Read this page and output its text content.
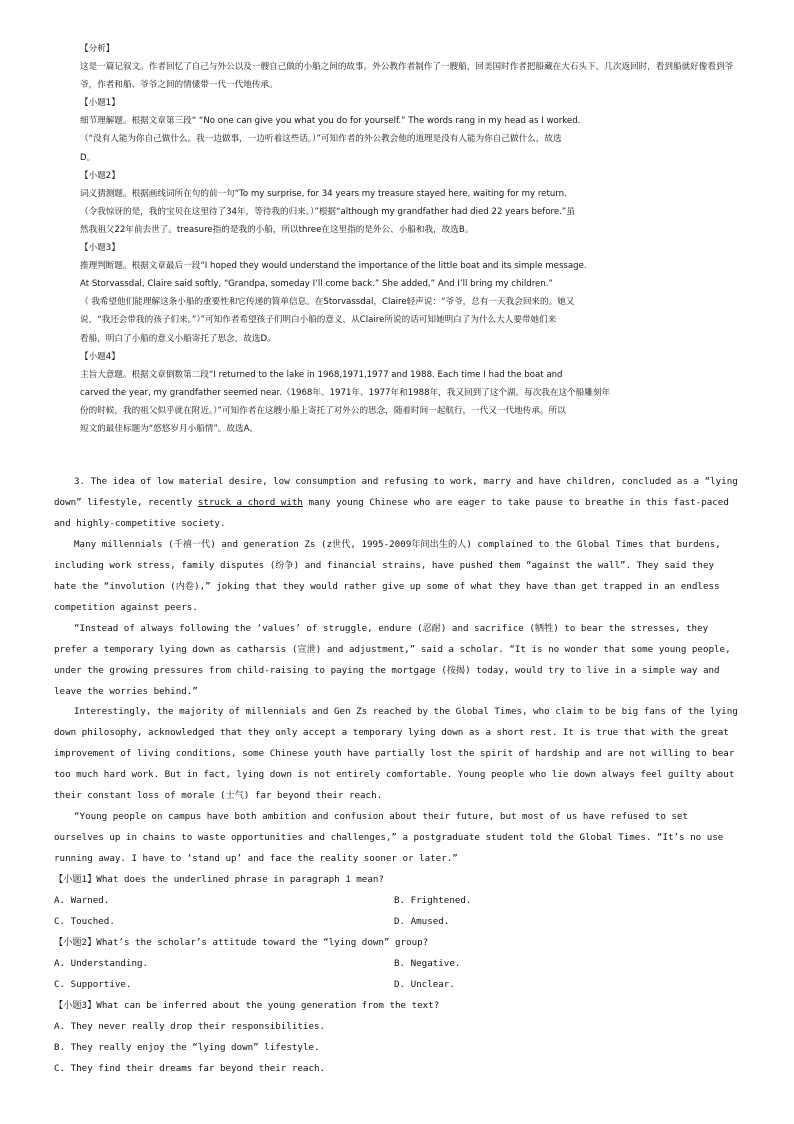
【分析】

这是一篇记叙文。作者回忆了自己与外公以及一艘自己做的小船之间的故事。外公教作者制作了一艘船，回美国时作者把船藏在大石头下，几次返回时，看到船就好像看到爷爷，作者和船、爷爷之间的情愫带一代一代地传承。

【小题1】

细节理解题。根据文章第三段“ “No one can give you what you do for yourself.” The words rang in my head as I worked.

（“没有人能为你自己做什么。我一边做事，一边听着这些话。）”可知作者的外公教会他的道理是没有人能为你自己做什么，故选

D。

【小题2】

词义猜测题。根据画线词所在句的前一句“To my surprise, for 34 years my treasure stayed here, waiting for my return.

（令我惊讶的是，我的宝贝在这里待了34年，等待我的归来。）”根据“although my grandfather had died 22 years before.”虽

然我祖父22年前去世了。treasure指的是我的小船，所以three在这里指的是外公、小船和我，故选B。

【小题3】

推理判断题。根据文章最后一段“I hoped they would understand the importance of the little boat and its simple message.

At Storvassdal, Claire said softly, “Grandpa, someday I’ll come back.” She added,” And I’ll bring my children.”

（ 我希望他们能理解这条小船的重要性和它传递的简单信息。在Storvassdal，Claire轻声说：“爷爷，总有一天我会回来的。她又

说，“我还会带我的孩子们来。”）”可知作者希望孩子们明白小船的意义，从Claire所说的话可知她明白了为什么大人要带她们来

看船，明白了小船的意义小船寄托了思念，故选D。

【小题4】

主旨大意题。根据文章倒数第二段“I returned to the lake in 1968,1971,1977 and 1988. Each time I had the boat and

carved the year, my grandfather seemed near.（1968年、1971年、1977年和1988年，我又回到了这个湖。每次我在这个船雕刻年

份的时候，我的祖父似乎就在附近。）”可知作者在这艘小船上寄托了对外公的思念，随着时间一起航行，一代又一代地传承。所以

短文的最佳标题为“悠悠岁月小船情”。故选A。

3. The idea of low material desire, low consumption and refusing to work, marry and have children, concluded as a “lying down” lifestyle, recently struck a chord with many young Chinese who are eager to take pause to breathe in this fast-paced and highly-competitive society.

Many millennials (千禧一代) and generation Zs (z世代, 1995-2009年间出生的人) complained to the Global Times that burdens, including work stress, family disputes (纷争) and financial strains, have pushed them “against the wall”. They said they hate the “involution (内卷),” joking that they would rather give up some of what they have than get trapped in an endless competition against peers.

“Instead of always following the ‘values’ of struggle, endure (忍耐) and sacrifice (牺牲) to bear the stresses, they prefer a temporary lying down as catharsis (宣泄) and adjustment,” said a scholar. “It is no wonder that some young people, under the growing pressures from child-raising to paying the mortgage (按揭) today, would try to live in a simple way and leave the worries behind.”

Interestingly, the majority of millennials and Gen Zs reached by the Global Times, who claim to be big fans of the lying down philosophy, acknowledged that they only accept a temporary lying down as a short rest. It is true that with the great improvement of living conditions, some Chinese youth have partially lost the spirit of hardship and are not willing to bear too much hard work. But in fact, lying down is not entirely comfortable. Young people who lie down always feel guilty about their constant loss of morale (士气) far beyond their reach.

“Young people on campus have both ambition and confusion about their future, but most of us have refused to set ourselves up in chains to waste opportunities and challenges,” a postgraduate student told the Global Times. “It’s no use running away. I have to ‘stand up’ and face the reality sooner or later.”

【小题1】What does the underlined phrase in paragraph 1 mean?

A. Warned.	B. Frightened.
C. Touched.	D. Amused.

【小题2】What’s the scholar’s attitude toward the “lying down” group?

A. Understanding.	B. Negative.
C. Supportive.	D. Unclear.

【小题3】What can be inferred about the young generation from the text?

A. They never really drop their responsibilities.

B. They really enjoy the “lying down” lifestyle.

C. They find their dreams far beyond their reach.
